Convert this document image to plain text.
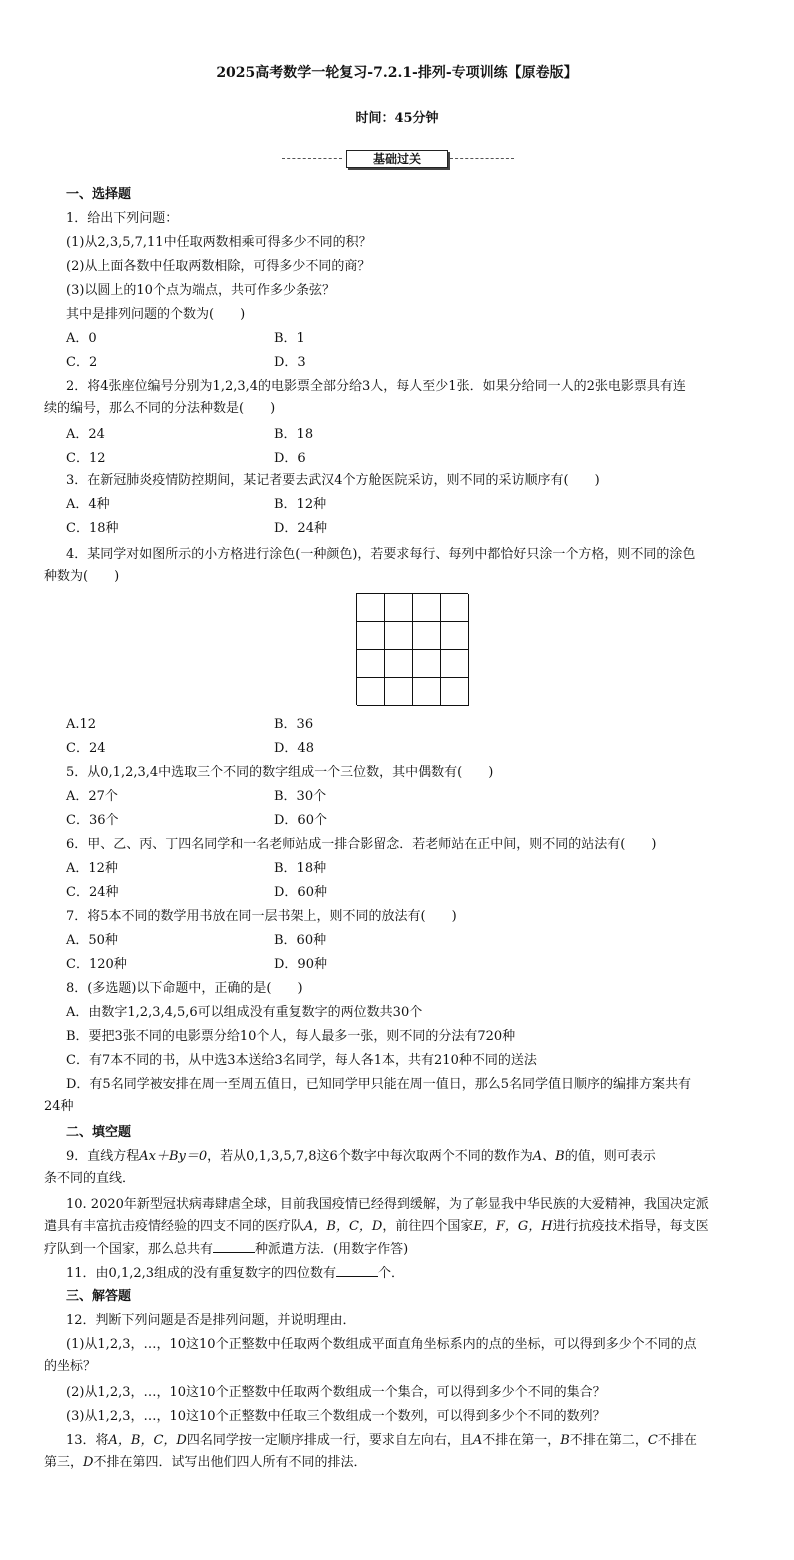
2025高考数学一轮复习-7.2.1-排列-专项训练【原卷版】
时间：45分钟
基础过关
一、选择题
1．给出下列问题：
(1)从2,3,5,7,11中任取两数相乘可得多少不同的积？
(2)从上面各数中任取两数相除，可得多少不同的商？
(3)以圆上的10个点为端点，共可作多少条弦？
其中是排列问题的个数为(　　)
A．0	B．1
C．2	D．3
2．将4张座位编号分别为1,2,3,4的电影票全部分给3人，每人至少1张．如果分给同一人的2张电影票具有连
续的编号，那么不同的分法种数是(　　)
A．24	B．18
C．12	D．6
3．在新冠肺炎疫情防控期间，某记者要去武汉4个方舱医院采访，则不同的采访顺序有(　　)
A．4种	B．12种
C．18种	D．24种
4．某同学对如图所示的小方格进行涂色(一种颜色)，若要求每行、每列中都恰好只涂一个方格，则不同的涂色
种数为(　　)
A.12	B．36
C．24	D．48
5．从0,1,2,3,4中选取三个不同的数字组成一个三位数，其中偶数有(　　)
A．27个	B．30个
C．36个	D．60个
6．甲、乙、丙、丁四名同学和一名老师站成一排合影留念．若老师站在正中间，则不同的站法有(　　)
A．12种	B．18种
C．24种	D．60种
7．将5本不同的数学用书放在同一层书架上，则不同的放法有(　　)
A．50种	B．60种
C．120种	D．90种
8．(多选题)以下命题中，正确的是(　　)
A．由数字1,2,3,4,5,6可以组成没有重复数字的两位数共30个
B．要把3张不同的电影票分给10个人，每人最多一张，则不同的分法有720种
C．有7本不同的书，从中选3本送给3名同学，每人各1本，共有210种不同的送法
D．有5名同学被安排在周一至周五值日，已知同学甲只能在周一值日，那么5名同学值日顺序的编排方案共有
24种
二、填空题
9．直线方程Ax＋By＝0，若从0,1,3,5,7,8这6个数字中每次取两个不同的数作为A、B的值，则可表示
条不同的直线．
10. 2020年新型冠状病毒肆虐全球，目前我国疫情已经得到缓解，为了彰显我中华民族的大爱精神，我国决定派
遣具有丰富抗击疫情经验的四支不同的医疗队A，B，C，D，前往四个国家E，F，G，H进行抗疫技术指导，每支医
疗队到一个国家，那么总共有	种派遣方法．(用数字作答)
11．由0,1,2,3组成的没有重复数字的四位数有	个．
三、解答题
12．判断下列问题是否是排列问题，并说明理由．
(1)从1,2,3，…，10这10个正整数中任取两个数组成平面直角坐标系内的点的坐标，可以得到多少个不同的点
的坐标？
(2)从1,2,3，…，10这10个正整数中任取两个数组成一个集合，可以得到多少个不同的集合？
(3)从1,2,3，…，10这10个正整数中任取三个数组成一个数列，可以得到多少个不同的数列？
13．将A，B，C，D四名同学按一定顺序排成一行，要求自左向右，且A不排在第一，B不排在第二，C不排在
第三，D不排在第四．试写出他们四人所有不同的排法．
